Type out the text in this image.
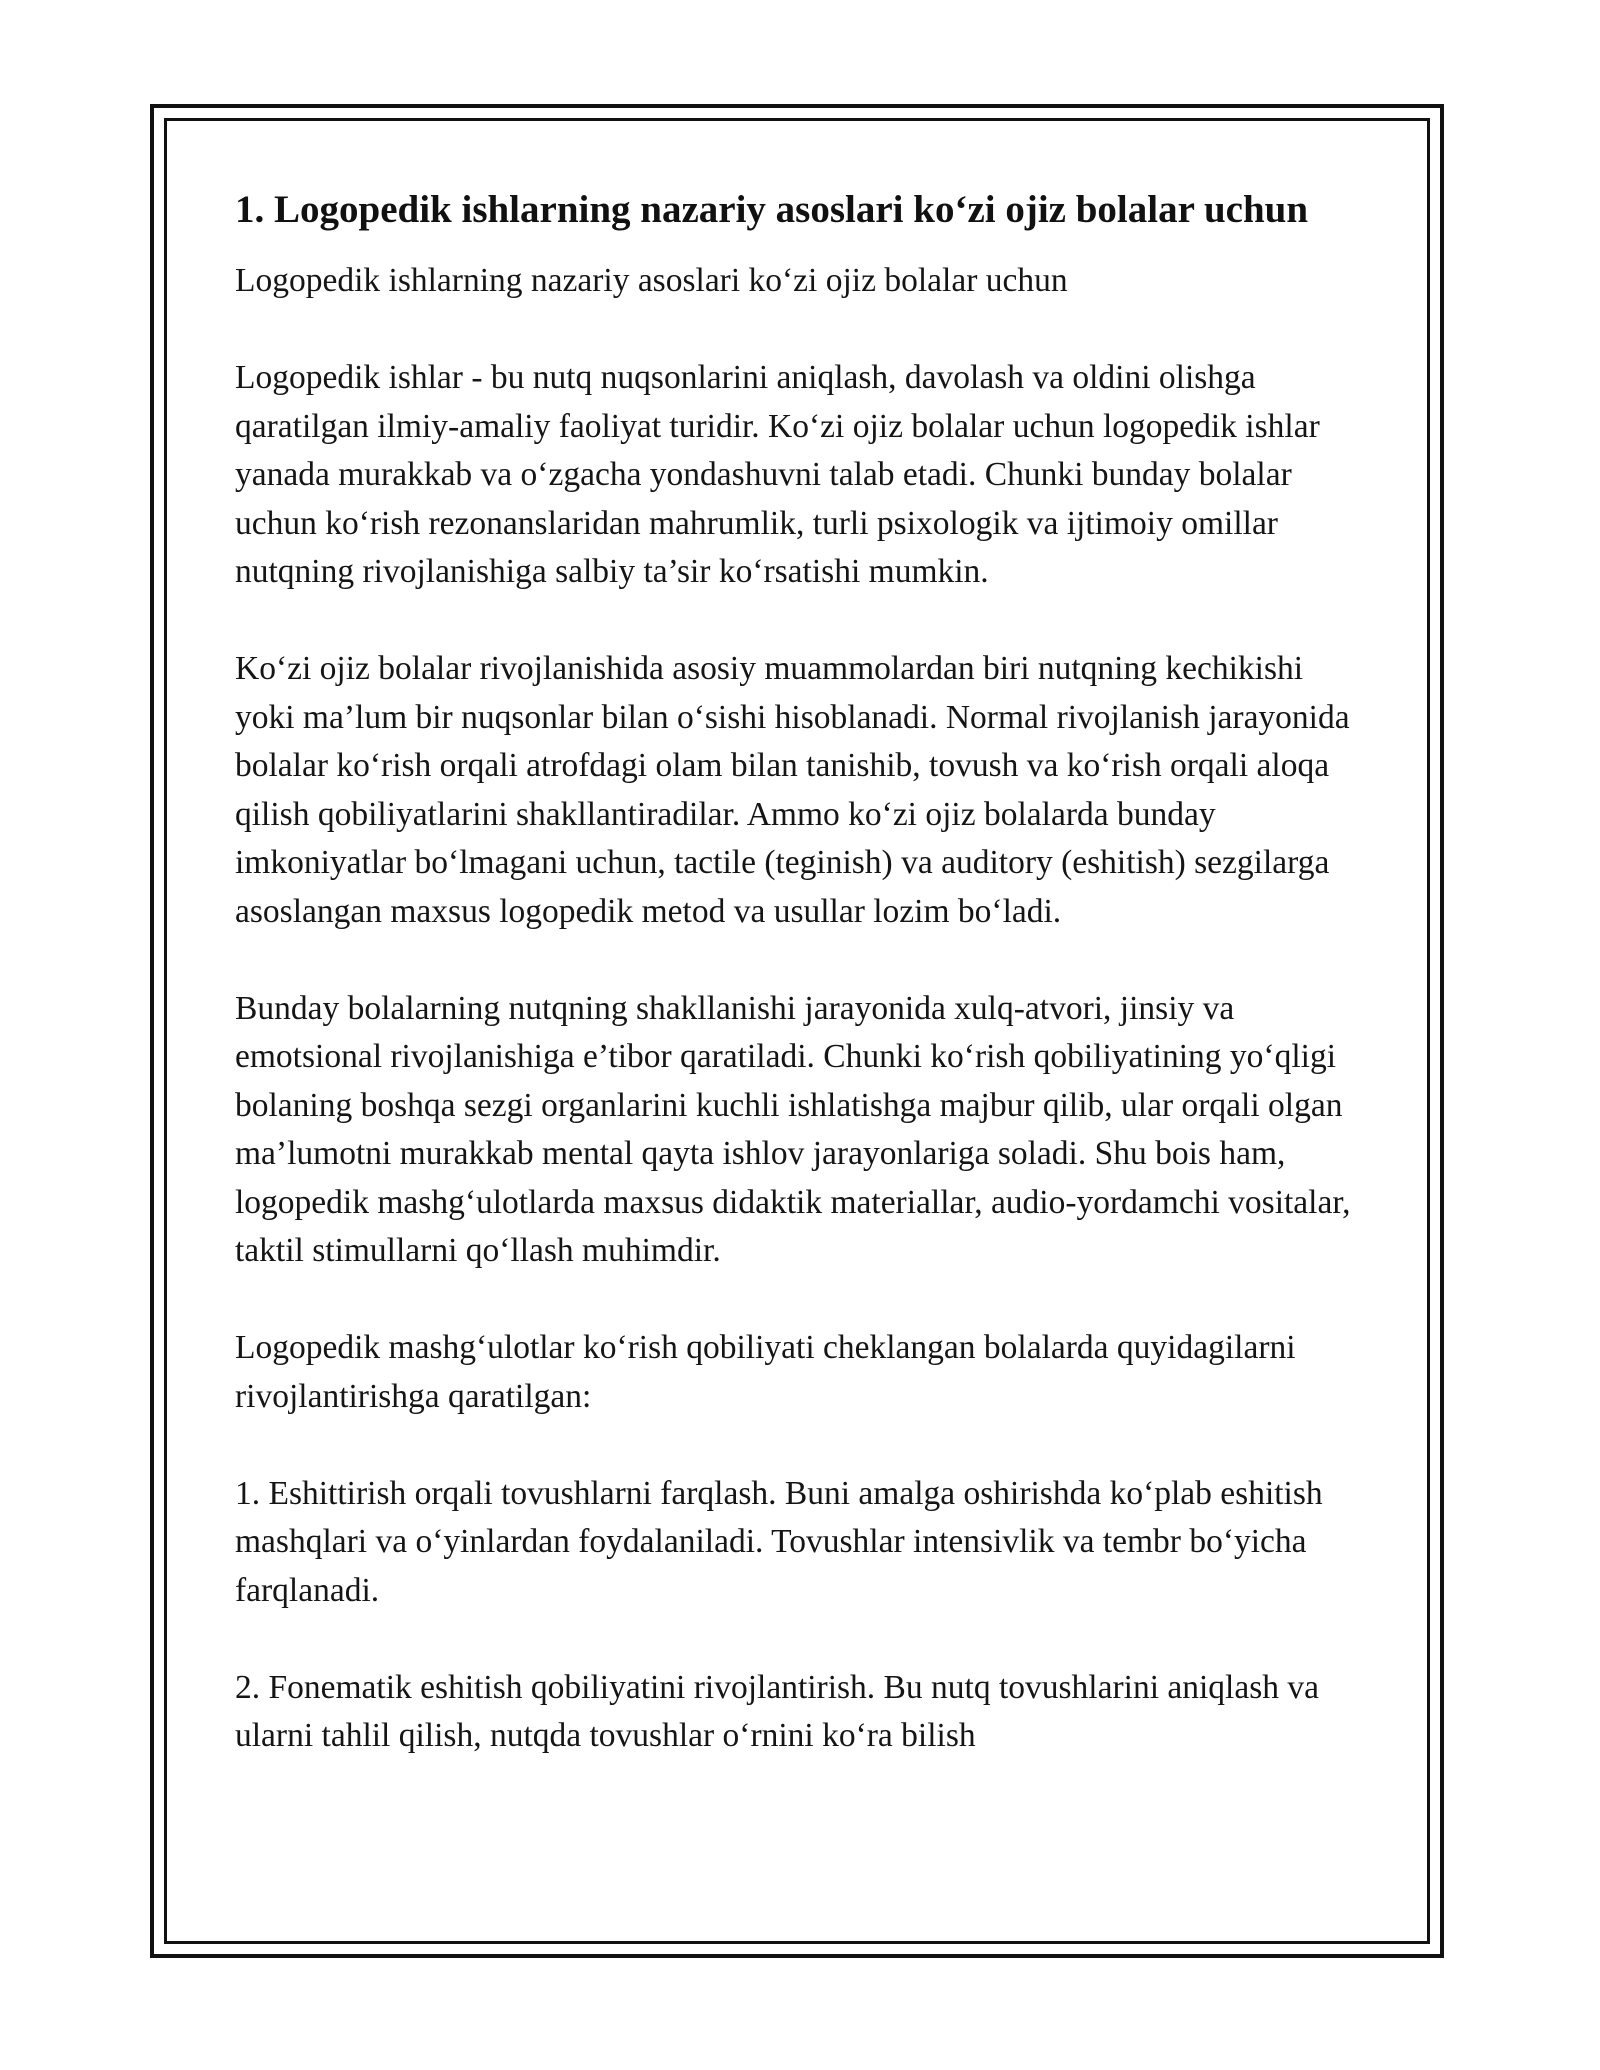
1. Logopedik ishlarning nazariy asoslari ko‘zi ojiz bolalar uchun

Logopedik ishlarning nazariy asoslari ko‘zi ojiz bolalar uchun

Logopedik ishlar - bu nutq nuqsonlarini aniqlash, davolash va oldini olishga qaratilgan ilmiy-amaliy faoliyat turidir. Ko‘zi ojiz bolalar uchun logopedik ishlar yanada murakkab va o‘zgacha yondashuvni talab etadi. Chunki bunday bolalar uchun ko‘rish rezonanslaridan mahrumlik, turli psixologik va ijtimoiy omillar nutqning rivojlanishiga salbiy ta’sir ko‘rsatishi mumkin.

Ko‘zi ojiz bolalar rivojlanishida asosiy muammolardan biri nutqning kechikishi yoki ma’lum bir nuqsonlar bilan o‘sishi hisoblanadi. Normal rivojlanish jarayonida bolalar ko‘rish orqali atrofdagi olam bilan tanishib, tovush va ko‘rish orqali aloqa qilish qobiliyatlarini shakllantiradilar. Ammo ko‘zi ojiz bolalarda bunday imkoniyatlar bo‘lmagani uchun, tactile (teginish) va auditory (eshitish) sezgilarga asoslangan maxsus logopedik metod va usullar lozim bo‘ladi.

Bunday bolalarning nutqning shakllanishi jarayonida xulq-atvori, jinsiy va emotsional rivojlanishiga e’tibor qaratiladi. Chunki ko‘rish qobiliyatining yo‘qligi bolaning boshqa sezgi organlarini kuchli ishlatishga majbur qilib, ular orqali olgan ma’lumotni murakkab mental qayta ishlov jarayonlariga soladi. Shu bois ham, logopedik mashg‘ulotlarda maxsus didaktik materiallar, audio-yordamchi vositalar, taktil stimullarni qo‘llash muhimdir.

Logopedik mashg‘ulotlar ko‘rish qobiliyati cheklangan bolalarda quyidagilarni rivojlantirishga qaratilgan:

1. Eshittirish orqali tovushlarni farqlash. Buni amalga oshirishda ko‘plab eshitish mashqlari va o‘yinlardan foydalaniladi. Tovushlar intensivlik va tembr bo‘yicha farqlanadi.

2. Fonematik eshitish qobiliyatini rivojlantirish. Bu nutq tovushlarini aniqlash va ularni tahlil qilish, nutqda tovushlar o‘rnini ko‘ra bilish
